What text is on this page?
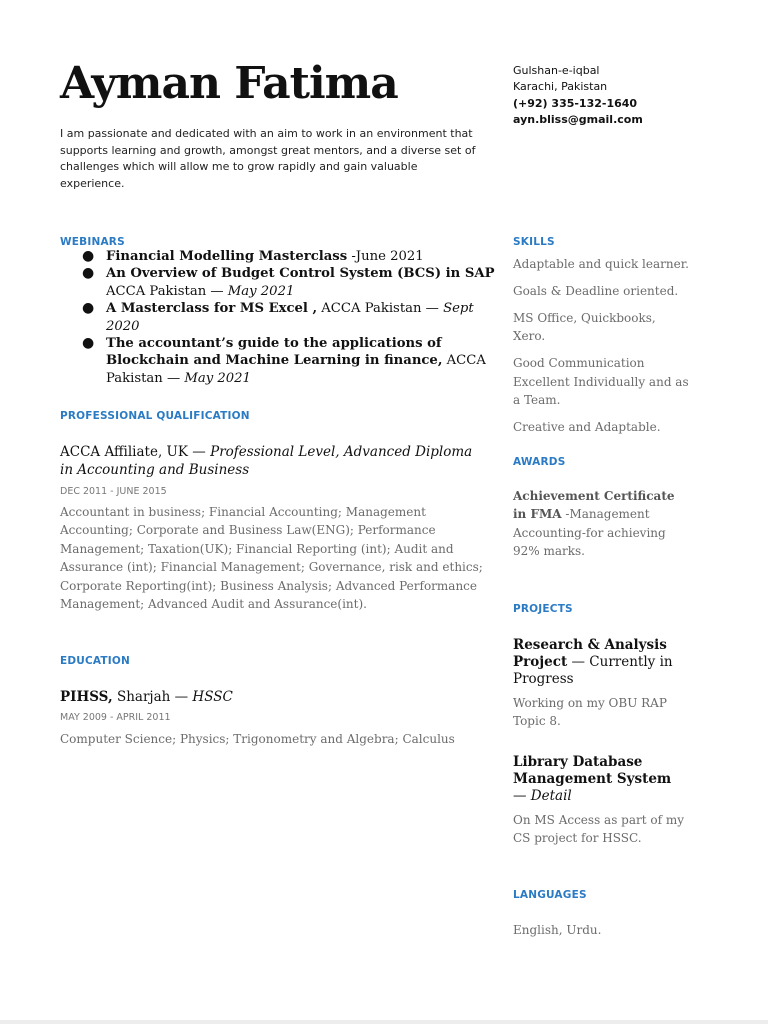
Ayman Fatima

I am passionate and dedicated with an aim to work in an environment that supports learning and growth, amongst great mentors, and a diverse set of challenges which will allow me to grow rapidly and gain valuable experience.

Gulshan-e-iqbal
Karachi, Pakistan
(+92) 335-132-1640
ayn.bliss@gmail.com
WEBINARS
● Financial Modelling Masterclass -June 2021
● An Overview of Budget Control System (BCS) in SAP ACCA Pakistan — May 2021
● A Masterclass for MS Excel , ACCA Pakistan — Sept 2020
● The accountant’s guide to the applications of Blockchain and Machine Learning in finance, ACCA Pakistan — May 2021
PROFESSIONAL QUALIFICATION

ACCA Affiliate, UK — Professional Level, Advanced Diploma in Accounting and Business

DEC 2011 - JUNE 2015

Accountant in business; Financial Accounting; Management Accounting; Corporate and Business Law(ENG); Performance Management; Taxation(UK); Financial Reporting (int); Audit and Assurance (int); Financial Management; Governance, risk and ethics; Corporate Reporting(int); Business Analysis; Advanced Performance Management; Advanced Audit and Assurance(int).

EDUCATION

PIHSS, Sharjah — HSSC

MAY 2009 - APRIL 2011

Computer Science; Physics; Trigonometry and Algebra; Calculus

SKILLS

Adaptable and quick learner.

Goals & Deadline oriented.

MS Office, Quickbooks, Xero.

Good Communication Excellent Individually and as a Team.

Creative and Adaptable.

AWARDS

Achievement Certificate in FMA -Management Accounting-for achieving 92% marks.

PROJECTS

Research & Analysis Project — Currently in Progress

Working on my OBU RAP Topic 8.

Library Database Management System — Detail

On MS Access as part of my CS project for HSSC.

LANGUAGES

English, Urdu.
